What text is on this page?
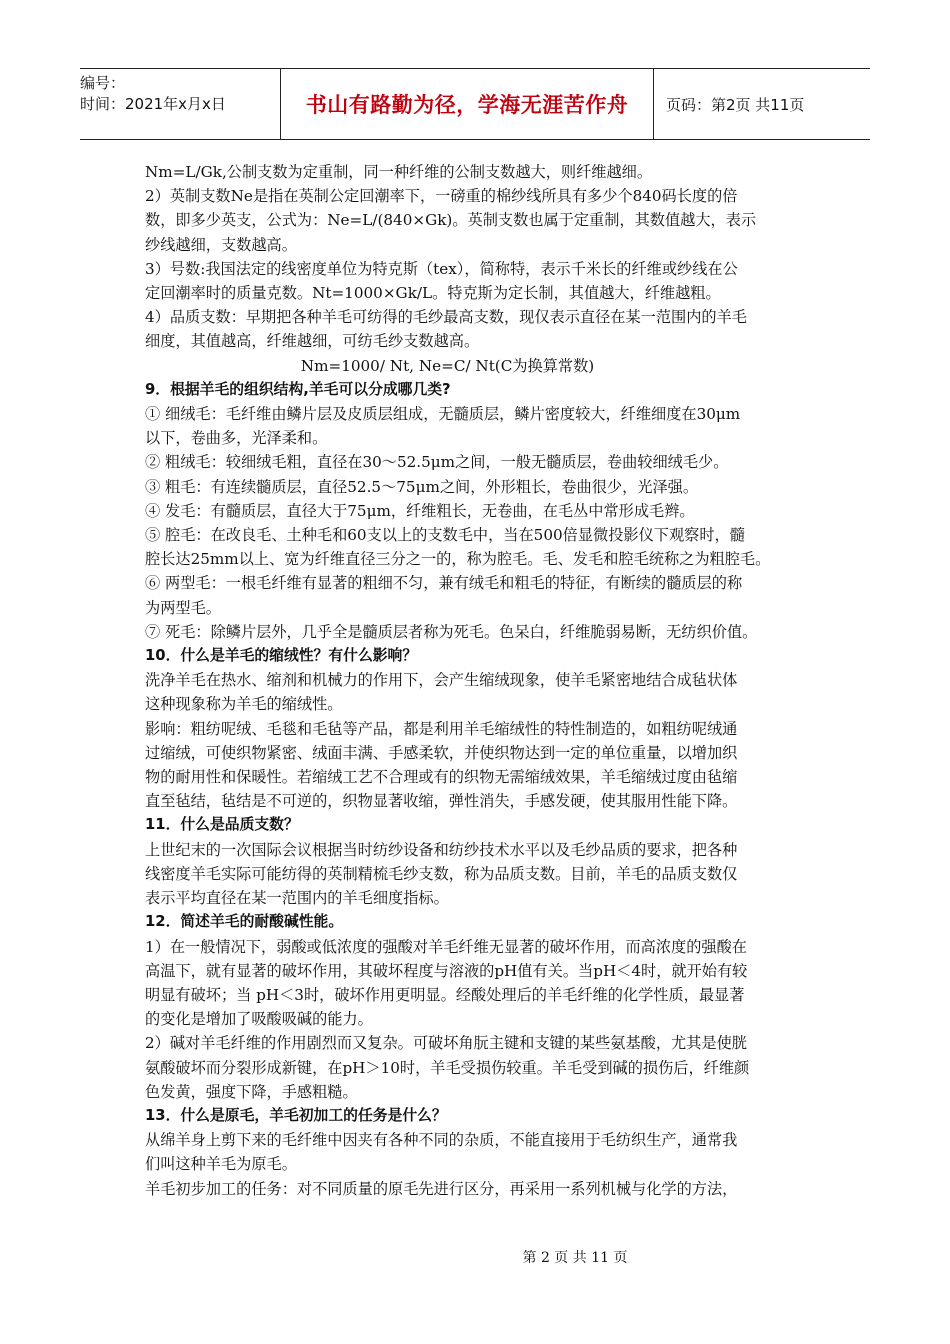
编号：
时间：2021年x月x日	书山有路勤为径，学海无涯苦作舟	页码：第2页 共11页

Nm=L/Gk,公制支数为定重制，同一种纤维的公制支数越大，则纤维越细。

2）英制支数Ne是指在英制公定回潮率下，一磅重的棉纱线所具有多少个840码长度的倍

数，即多少英支，公式为：Ne=L/(840×Gk)。英制支数也属于定重制，其数值越大，表示

纱线越细，支数越高。

3）号数:我国法定的线密度单位为特克斯（tex），简称特，表示千米长的纤维或纱线在公

定回潮率时的质量克数。Nt=1000×Gk/L。特克斯为定长制，其值越大，纤维越粗。

4）品质支数：早期把各种羊毛可纺得的毛纱最高支数，现仅表示直径在某一范围内的羊毛

细度，其值越高，纤维越细，可纺毛纱支数越高。

Nm=1000/ Nt, Ne=C/ Nt(C为换算常数)

9．根据羊毛的组织结构,羊毛可以分成哪几类?

① 细绒毛：毛纤维由鳞片层及皮质层组成，无髓质层，鳞片密度较大，纤维细度在30μm

以下，卷曲多，光泽柔和。

② 粗绒毛：较细绒毛粗，直径在30～52.5μm之间，一般无髓质层，卷曲较细绒毛少。

③ 粗毛：有连续髓质层，直径52.5～75μm之间，外形粗长，卷曲很少，光泽强。

④ 发毛：有髓质层，直径大于75μm，纤维粗长，无卷曲，在毛丛中常形成毛辫。

⑤ 腔毛：在改良毛、土种毛和60支以上的支数毛中，当在500倍显微投影仪下观察时，髓

腔长达25mm以上、宽为纤维直径三分之一的，称为腔毛。毛、发毛和腔毛统称之为粗腔毛。

⑥ 两型毛：一根毛纤维有显著的粗细不匀，兼有绒毛和粗毛的特征，有断续的髓质层的称

为两型毛。

⑦ 死毛：除鳞片层外，几乎全是髓质层者称为死毛。色呆白，纤维脆弱易断，无纺织价值。

10．什么是羊毛的缩绒性？有什么影响？

洗净羊毛在热水、缩剂和机械力的作用下，会产生缩绒现象，使羊毛紧密地结合成毡状体

这种现象称为羊毛的缩绒性。

影响：粗纺呢绒、毛毯和毛毡等产品，都是利用羊毛缩绒性的特性制造的，如粗纺呢绒通

过缩绒，可使织物紧密、绒面丰满、手感柔软，并使织物达到一定的单位重量，以增加织

物的耐用性和保暖性。若缩绒工艺不合理或有的织物无需缩绒效果，羊毛缩绒过度由毡缩

直至毡结，毡结是不可逆的，织物显著收缩，弹性消失，手感发硬，使其服用性能下降。

11．什么是品质支数？

上世纪末的一次国际会议根据当时纺纱设备和纺纱技术水平以及毛纱品质的要求，把各种

线密度羊毛实际可能纺得的英制精梳毛纱支数，称为品质支数。目前，羊毛的品质支数仅

表示平均直径在某一范围内的羊毛细度指标。

12．简述羊毛的耐酸碱性能。

1）在一般情况下，弱酸或低浓度的强酸对羊毛纤维无显著的破坏作用，而高浓度的强酸在

高温下，就有显著的破坏作用，其破坏程度与溶液的pH值有关。当pH＜4时，就开始有较

明显有破坏；当 pH＜3时，破坏作用更明显。经酸处理后的羊毛纤维的化学性质，最显著

的变化是增加了吸酸吸碱的能力。

2）碱对羊毛纤维的作用剧烈而又复杂。可破坏角朊主键和支键的某些氨基酸，尤其是使胱

氨酸破坏而分裂形成新键，在pH＞10时，羊毛受损伤较重。羊毛受到碱的损伤后，纤维颜

色发黄，强度下降，手感粗糙。

13．什么是原毛，羊毛初加工的任务是什么？

从绵羊身上剪下来的毛纤维中因夹有各种不同的杂质，不能直接用于毛纺织生产，通常我

们叫这种羊毛为原毛。

羊毛初步加工的任务：对不同质量的原毛先进行区分，再采用一系列机械与化学的方法，

第 2 页 共 11 页
